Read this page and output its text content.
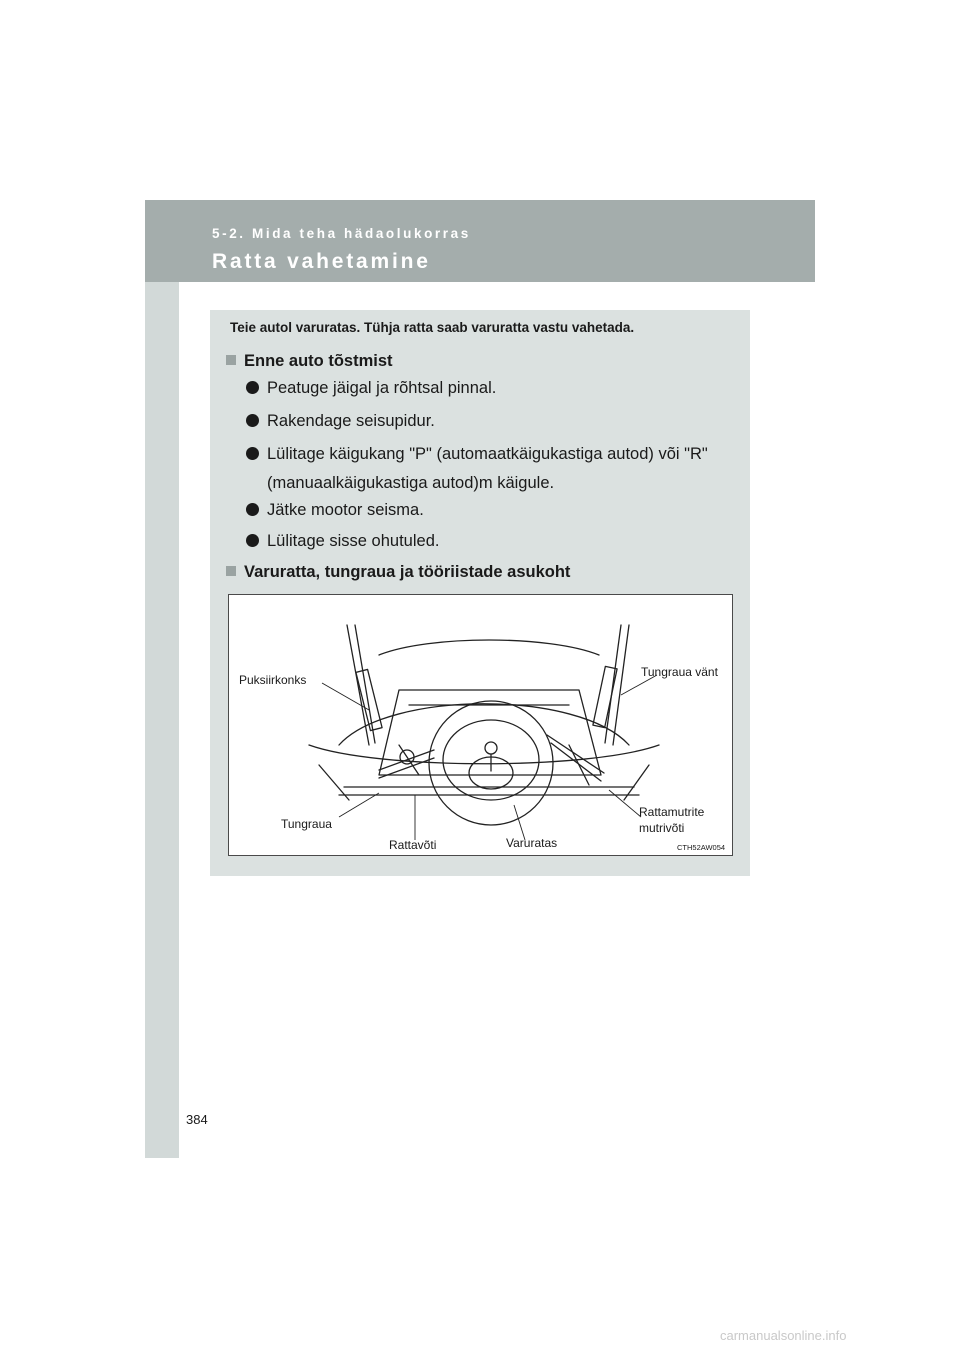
5-2. Mida teha hädaolukorras
Ratta vahetamine
Teie autol varuratas. Tühja ratta saab varuratta vastu vahetada.
Enne auto tõstmist
Peatuge jäigal ja rõhtsal pinnal.
Rakendage seisupidur.
Lülitage käigukang "P" (automaatkäigukastiga autod) või "R"
(manuaalkäigukastiga autod)m käigule.
Jätke mootor seisma.
Lülitage sisse ohutuled.
Varuratta, tungraua ja tööriistade asukoht
Puksiirkonks
Tungraua vänt
Tungraua
Rattavõti	Varuratas
Rattamutrite
mutrivõti
CTH52AW054
384
carmanualsonline.info
